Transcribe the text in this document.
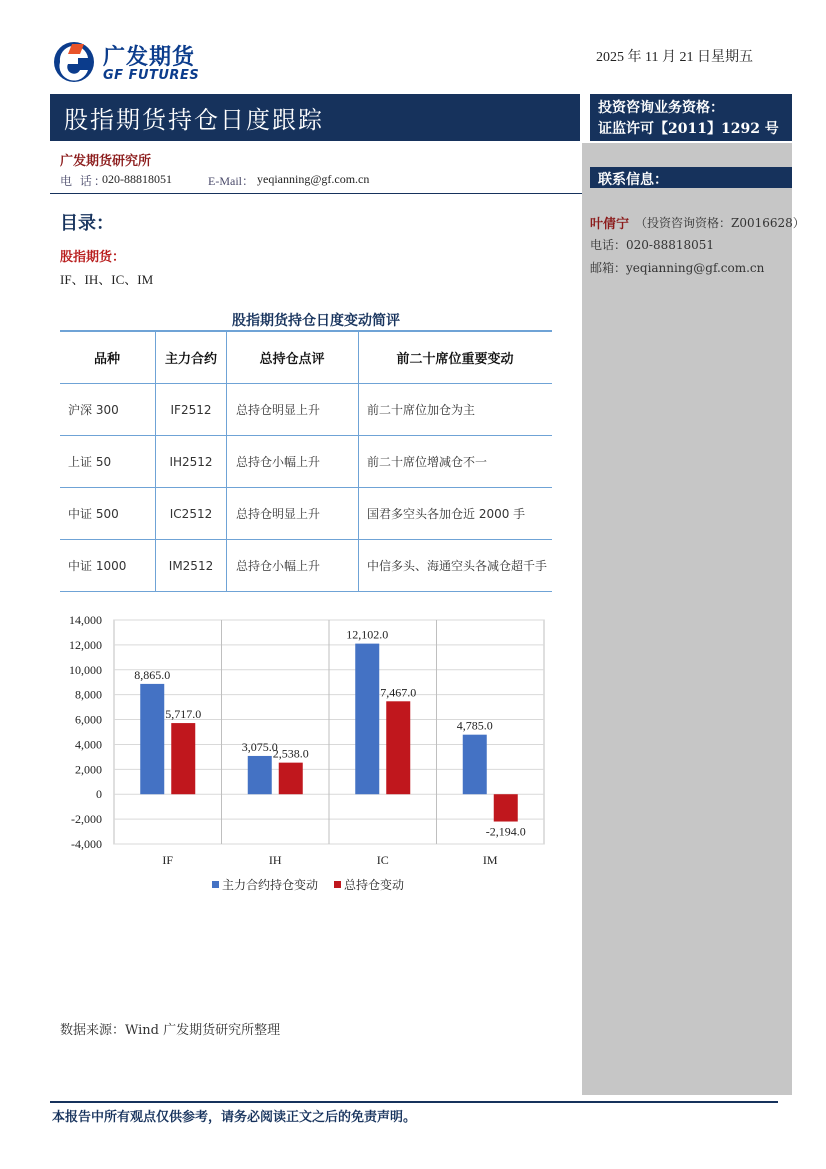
广发期货
GF FUTURES
2025 年 11 月 21 日星期五
股指期货持仓日度跟踪	投资咨询业务资格：
证监许可【2011】1292 号
广发期货研究所
电 话：
020-88818051	E-Mail： yeqianning@gf.com.cn	联系信息：
叶倩宁 （投资咨询资格：Z0016628）
电话：020-88818051
邮箱：yeqianning@gf.com.cn
目录：
股指期货：
IF、IH、IC、IM
股指期货持仓日度变动简评
品种	主力合约	总持仓点评	前二十席位重要变动
沪深 300	IF2512	总持仓明显上升	前二十席位加仓为主
上证 50	IH2512	总持仓小幅上升	前二十席位增减仓不一
中证 500	IC2512	总持仓明显上升	国君多空头各加仓近 2000 手
中证 1000	IM2512	总持仓小幅上升	中信多头、海通空头各减仓超千手
-4,000
-2,000
0
2,000
4,000
6,000
8,000
10,000
12,000
14,000
8,865.0
5,717.0
IF
3,075.0
2,538.0
IH
12,102.0
7,467.0
IC
4,785.0
-2,194.0
IM
主力合约持仓变动 总持仓变动
数据来源：Wind 广发期货研究所整理
本报告中所有观点仅供参考，请务必阅读正文之后的免责声明。
